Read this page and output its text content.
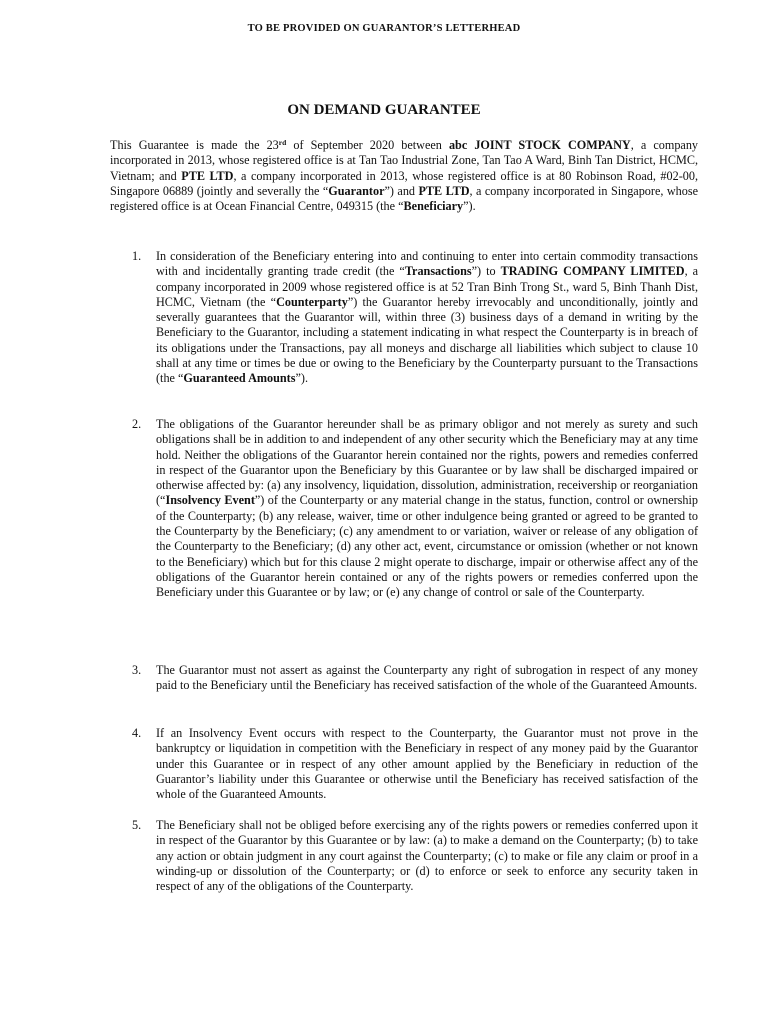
TO BE PROVIDED ON GUARANTOR’S LETTERHEAD
ON DEMAND GUARANTEE
This Guarantee is made the 23rd of September 2020 between abc JOINT STOCK COMPANY, a company incorporated in 2013, whose registered office is at Tan Tao Industrial Zone, Tan Tao A Ward, Binh Tan District, HCMC, Vietnam; and PTE LTD, a company incorporated in 2013, whose registered office is at 80 Robinson Road, #02-00, Singapore 06889 (jointly and severally the “Guarantor”) and PTE LTD, a company incorporated in Singapore, whose registered office is at Ocean Financial Centre, 049315 (the “Beneficiary”).
1. In consideration of the Beneficiary entering into and continuing to enter into certain commodity transactions with and incidentally granting trade credit (the “Transactions”) to TRADING COMPANY LIMITED, a company incorporated in 2009 whose registered office is at 52 Tran Binh Trong St., ward 5, Binh Thanh Dist, HCMC, Vietnam (the “Counterparty”) the Guarantor hereby irrevocably and unconditionally, jointly and severally guarantees that the Guarantor will, within three (3) business days of a demand in writing by the Beneficiary to the Guarantor, including a statement indicating in what respect the Counterparty is in breach of its obligations under the Transactions, pay all moneys and discharge all liabilities which subject to clause 10 shall at any time or times be due or owing to the Beneficiary by the Counterparty pursuant to the Transactions (the “Guaranteed Amounts”).
2. The obligations of the Guarantor hereunder shall be as primary obligor and not merely as surety and such obligations shall be in addition to and independent of any other security which the Beneficiary may at any time hold. Neither the obligations of the Guarantor herein contained nor the rights, powers and remedies conferred in respect of the Guarantor upon the Beneficiary by this Guarantee or by law shall be discharged impaired or otherwise affected by: (a) any insolvency, liquidation, dissolution, administration, receivership or reorganiation (“Insolvency Event”) of the Counterparty or any material change in the status, function, control or ownership of the Counterparty; (b) any release, waiver, time or other indulgence being granted or agreed to be granted to the Counterparty by the Beneficiary; (c) any amendment to or variation, waiver or release of any obligation of the Counterparty to the Beneficiary; (d) any other act, event, circumstance or omission (whether or not known to the Beneficiary) which but for this clause 2 might operate to discharge, impair or otherwise affect any of the obligations of the Guarantor herein contained or any of the rights powers or remedies conferred upon the Beneficiary under this Guarantee or by law; or (e) any change of control or sale of the Counterparty.
3. The Guarantor must not assert as against the Counterparty any right of subrogation in respect of any money paid to the Beneficiary until the Beneficiary has received satisfaction of the whole of the Guaranteed Amounts.
4. If an Insolvency Event occurs with respect to the Counterparty, the Guarantor must not prove in the bankruptcy or liquidation in competition with the Beneficiary in respect of any money paid by the Guarantor under this Guarantee or in respect of any other amount applied by the Beneficiary in reduction of the Guarantor’s liability under this Guarantee or otherwise until the Beneficiary has received satisfaction of the whole of the Guaranteed Amounts.
5. The Beneficiary shall not be obliged before exercising any of the rights powers or remedies conferred upon it in respect of the Guarantor by this Guarantee or by law: (a) to make a demand on the Counterparty; (b) to take any action or obtain judgment in any court against the Counterparty; (c) to make or file any claim or proof in a winding-up or dissolution of the Counterparty; or (d) to enforce or seek to enforce any security taken in respect of any of the obligations of the Counterparty.
